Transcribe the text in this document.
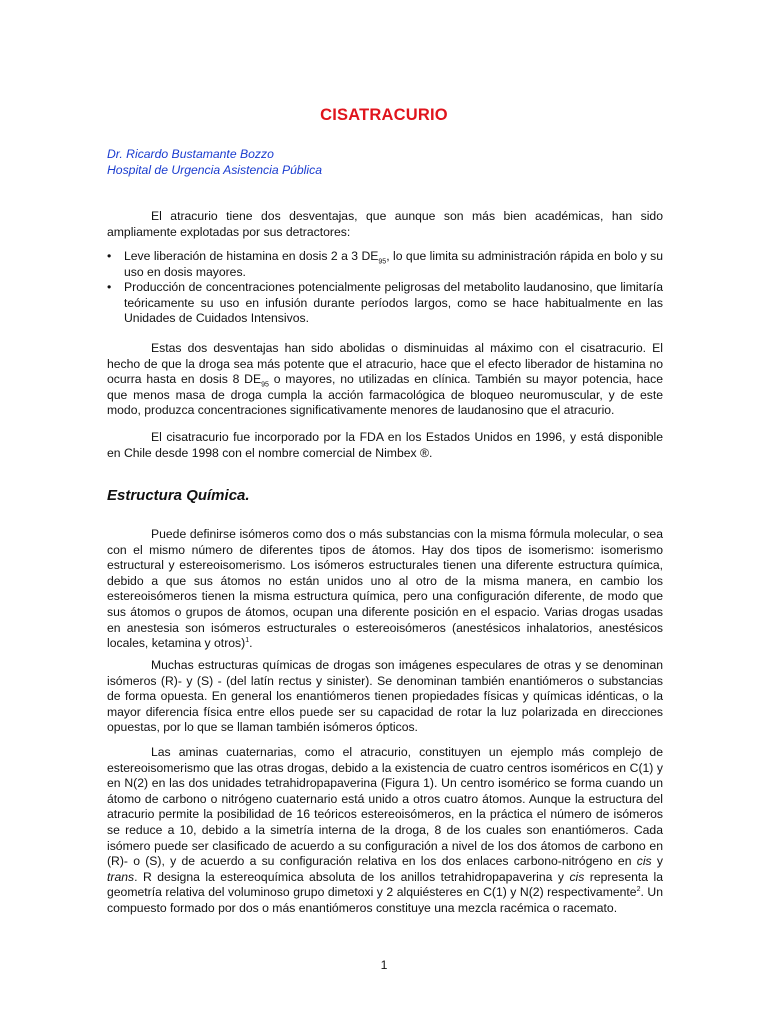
CISATRACURIO
Dr. Ricardo Bustamante Bozzo
Hospital de Urgencia Asistencia Pública

El atracurio tiene dos desventajas, que aunque son más bien académicas, han sido ampliamente explotadas por sus detractores:

• Leve liberación de histamina en dosis 2 a 3 $DE_{95}$, lo que limita su administración rápida en bolo y su uso en dosis mayores.
• Producción de concentraciones potencialmente peligrosas del metabolito laudanosino, que limitaría teóricamente su uso en infusión durante períodos largos, como se hace habitualmente en las Unidades de Cuidados Intensivos.

Estas dos desventajas han sido abolidas o disminuidas al máximo con el cisatracurio. El hecho de que la droga sea más potente que el atracurio, hace que el efecto liberador de histamina no ocurra hasta en dosis 8 $DE_{95}$ o mayores, no utilizadas en clínica. También su mayor potencia, hace que menos masa de droga cumpla la acción farmacológica de bloqueo neuromuscular, y de este modo, produzca concentraciones significativamente menores de laudanosino que el atracurio.

El cisatracurio fue incorporado por la FDA en los Estados Unidos en 1996, y está disponible en Chile desde 1998 con el nombre comercial de Nimbex ®.

Estructura Química.

Puede definirse isómeros como dos o más substancias con la misma fórmula molecular, o sea con el mismo número de diferentes tipos de átomos. Hay dos tipos de isomerismo: isomerismo estructural y estereoisomerismo. Los isómeros estructurales tienen una diferente estructura química, debido a que sus átomos no están unidos uno al otro de la misma manera, en cambio los estereoisómeros tienen la misma estructura química, pero una configuración diferente, de modo que sus átomos o grupos de átomos, ocupan una diferente posición en el espacio. Varias drogas usadas en anestesia son isómeros estructurales o estereoisómeros (anestésicos inhalatorios, anestésicos locales, ketamina y otros)$^1$.

Muchas estructuras químicas de drogas son imágenes especulares de otras y se denominan isómeros (R)- y (S) - (del latín rectus y sinister). Se denominan también enantiómeros o substancias de forma opuesta. En general los enantiómeros tienen propiedades físicas y químicas idénticas, o la mayor diferencia física entre ellos puede ser su capacidad de rotar la luz polarizada en direcciones opuestas, por lo que se llaman también isómeros ópticos.

Las aminas cuaternarias, como el atracurio, constituyen un ejemplo más complejo de estereoisomerismo que las otras drogas, debido a la existencia de cuatro centros isoméricos en C(1) y en N(2) en las dos unidades tetrahidropapaverina (Figura 1). Un centro isomérico se forma cuando un átomo de carbono o nitrógeno cuaternario está unido a otros cuatro átomos. Aunque la estructura del atracurio permite la posibilidad de 16 teóricos estereoisómeros, en la práctica el número de isómeros se reduce a 10, debido a la simetría interna de la droga, 8 de los cuales son enantiómeros. Cada isómero puede ser clasificado de acuerdo a su configuración a nivel de los dos átomos de carbono en (R)- o (S), y de acuerdo a su configuración relativa en los dos enlaces carbono-nitrógeno en cis y trans. R designa la estereoquímica absoluta de los anillos tetrahidropapaverina y cis representa la geometría relativa del voluminoso grupo dimetoxi y 2 alquiésteres en C(1) y N(2) respectivamente$^2$. Un compuesto formado por dos o más enantiómeros constituye una mezcla racémica o racemato.

1
